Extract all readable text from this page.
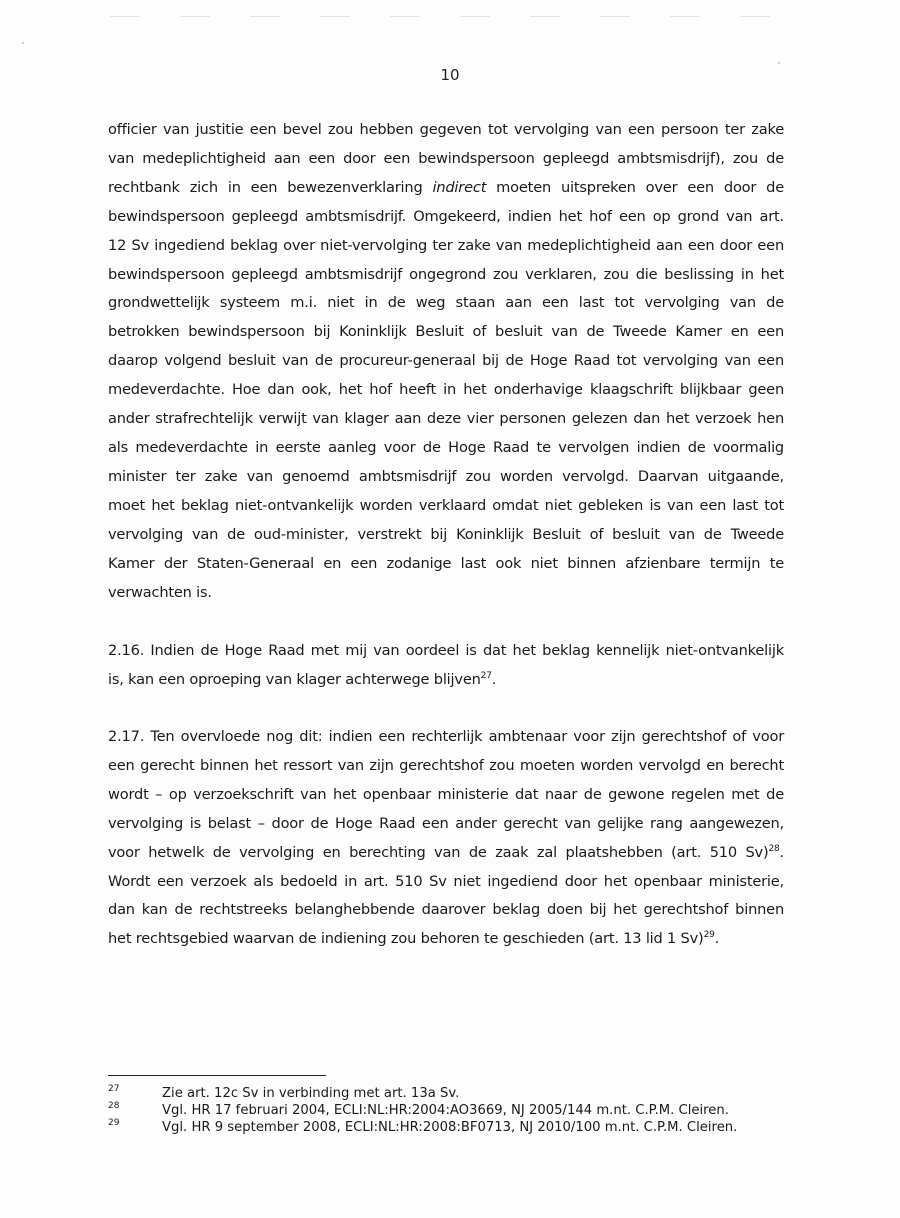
10
officier van justitie een bevel zou hebben gegeven tot vervolging van een persoon ter zake
van medeplichtigheid aan een door een bewindspersoon gepleegd ambtsmisdrijf), zou de
rechtbank zich in een bewezenverklaring indirect moeten uitspreken over een door de
bewindspersoon gepleegd ambtsmisdrijf. Omgekeerd, indien het hof een op grond van art.
12 Sv ingediend beklag over niet-vervolging ter zake van medeplichtigheid aan een door een
bewindspersoon gepleegd ambtsmisdrijf ongegrond zou verklaren, zou die beslissing in het
grondwettelijk systeem m.i. niet in de weg staan aan een last tot vervolging van de
betrokken bewindspersoon bij Koninklijk Besluit of besluit van de Tweede Kamer en een
daarop volgend besluit van de procureur-generaal bij de Hoge Raad tot vervolging van een
medeverdachte. Hoe dan ook, het hof heeft in het onderhavige klaagschrift blijkbaar geen
ander strafrechtelijk verwijt van klager aan deze vier personen gelezen dan het verzoek hen
als medeverdachte in eerste aanleg voor de Hoge Raad te vervolgen indien de voormalig
minister ter zake van genoemd ambtsmisdrijf zou worden vervolgd. Daarvan uitgaande,
moet het beklag niet-ontvankelijk worden verklaard omdat niet gebleken is van een last tot
vervolging van de oud-minister, verstrekt bij Koninklijk Besluit of besluit van de Tweede
Kamer der Staten-Generaal en een zodanige last ook niet binnen afzienbare termijn te
verwachten is.
2.16. Indien de Hoge Raad met mij van oordeel is dat het beklag kennelijk niet-ontvankelijk
is, kan een oproeping van klager achterwege blijven$^{27}$.
2.17. Ten overvloede nog dit: indien een rechterlijk ambtenaar voor zijn gerechtshof of voor
een gerecht binnen het ressort van zijn gerechtshof zou moeten worden vervolgd en berecht
wordt – op verzoekschrift van het openbaar ministerie dat naar de gewone regelen met de
vervolging is belast – door de Hoge Raad een ander gerecht van gelijke rang aangewezen,
voor hetwelk de vervolging en berechting van de zaak zal plaatshebben (art. 510 Sv)$^{28}$.
Wordt een verzoek als bedoeld in art. 510 Sv niet ingediend door het openbaar ministerie,
dan kan de rechtstreeks belanghebbende daarover beklag doen bij het gerechtshof binnen
het rechtsgebied waarvan de indiening zou behoren te geschieden (art. 13 lid 1 Sv)$^{29}$.
27	Zie art. 12c Sv in verbinding met art. 13a Sv.
28	Vgl. HR 17 februari 2004, ECLI:NL:HR:2004:AO3669, NJ 2005/144 m.nt. C.P.M. Cleiren.
29	Vgl. HR 9 september 2008, ECLI:NL:HR:2008:BF0713, NJ 2010/100 m.nt. C.P.M. Cleiren.
